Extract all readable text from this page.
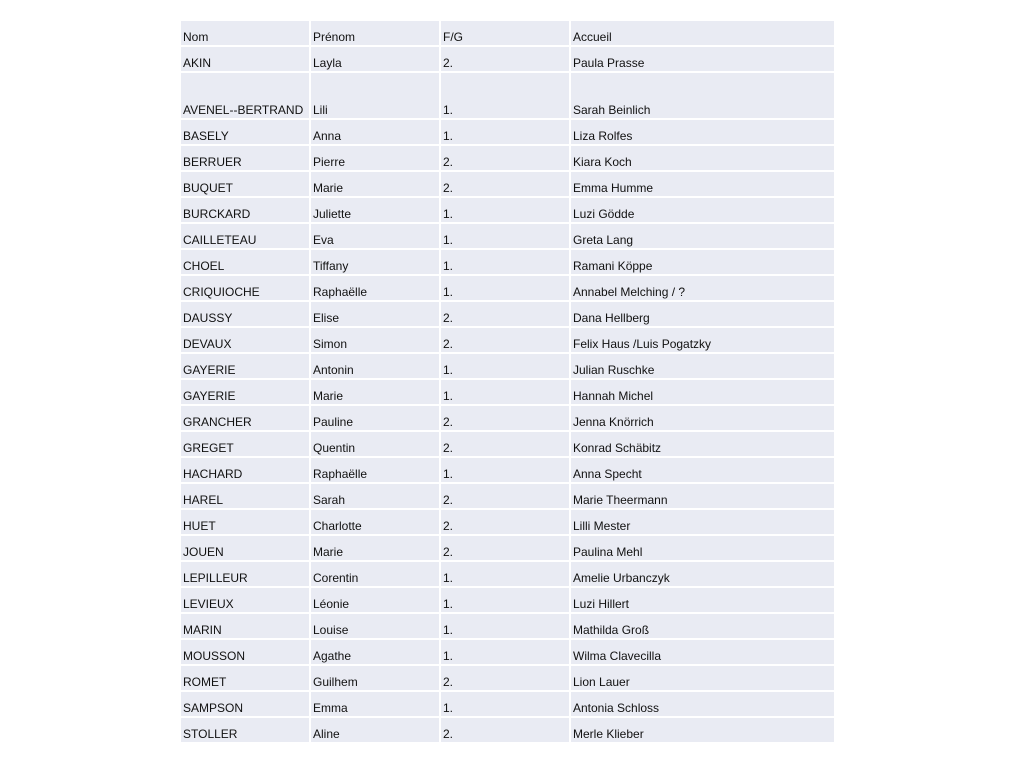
Nom	Prénom	F/G	Accueil
AKIN	Layla	2.	Paula Prasse
AVENEL--BERTRAND	Lili	1.	Sarah Beinlich
BASELY	Anna	1.	Liza Rolfes
BERRUER	Pierre	2.	Kiara Koch
BUQUET	Marie	2.	Emma Humme
BURCKARD	Juliette	1.	Luzi Gödde
CAILLETEAU	Eva	1.	Greta Lang
CHOEL	Tiffany	1.	Ramani Köppe
CRIQUIOCHE	Raphaëlle	1.	Annabel Melching / ?
DAUSSY	Elise	2.	Dana Hellberg
DEVAUX	Simon	2.	Felix Haus /Luis Pogatzky
GAYERIE	Antonin	1.	Julian Ruschke
GAYERIE	Marie	1.	Hannah Michel
GRANCHER	Pauline	2.	Jenna Knörrich
GREGET	Quentin	2.	Konrad Schäbitz
HACHARD	Raphaëlle	1.	Anna Specht
HAREL	Sarah	2.	Marie Theermann
HUET	Charlotte	2.	Lilli Mester
JOUEN	Marie	2.	Paulina Mehl
LEPILLEUR	Corentin	1.	Amelie Urbanczyk
LEVIEUX	Léonie	1.	Luzi Hillert
MARIN	Louise	1.	Mathilda Groß
MOUSSON	Agathe	1.	Wilma Clavecilla
ROMET	Guilhem	2.	Lion Lauer
SAMPSON	Emma	1.	Antonia Schloss
STOLLER	Aline	2.	Merle Klieber
